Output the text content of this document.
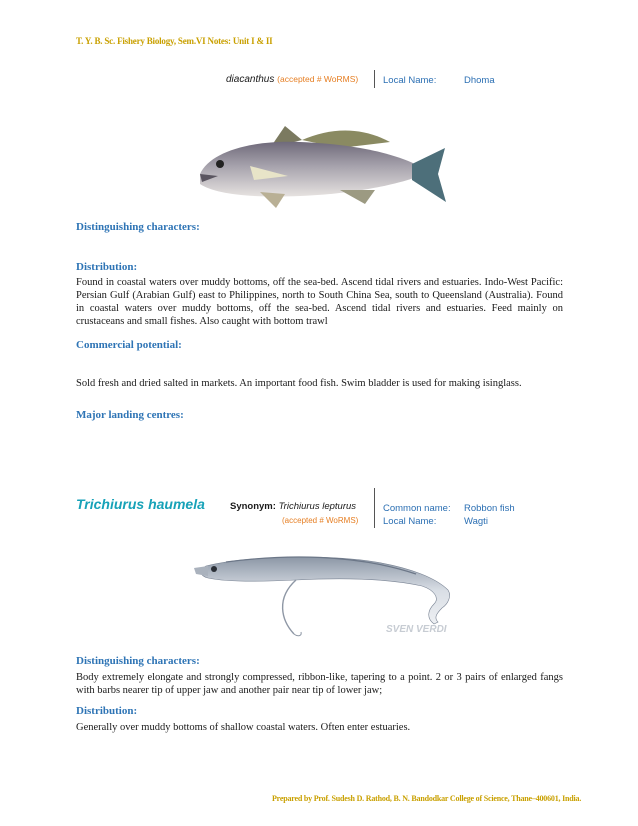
T. Y. B. Sc. Fishery Biology, Sem.VI Notes: Unit I & II
diacanthus (accepted # WoRMS)	Local Name:	Dhoma
Distinguishing characters:
Distribution:
Found in coastal waters over muddy bottoms, off the sea-bed. Ascend tidal rivers and estuaries. Indo-West Pacific: Persian Gulf (Arabian Gulf) east to Philippines, north to South China Sea, south to Queensland (Australia). Found in coastal waters over muddy bottoms, off the sea-bed. Ascend tidal rivers and estuaries. Feed mainly on crustaceans and small fishes. Also caught with bottom trawl
Commercial potential:
Sold fresh and dried salted in markets. An important food fish. Swim bladder is used for making isinglass.
Major landing centres:
Trichiurus haumela	Synonym: Trichiurus lepturus
(accepted # WoRMS)
Common name: Robbon fish
Local Name:	Wagti
SVEN VERDI
Distinguishing characters:
Body extremely elongate and strongly compressed, ribbon-like, tapering to a point. 2 or 3 pairs of enlarged fangs with barbs nearer tip of upper jaw and another pair near tip of lower jaw;
Distribution:
Generally over muddy bottoms of shallow coastal waters. Often enter estuaries.
Prepared by Prof. Sudesh D. Rathod, B. N. Bandodkar College of Science, Thane–400601, India.
